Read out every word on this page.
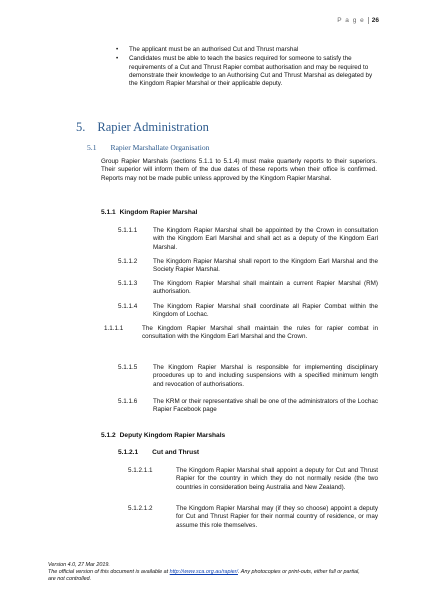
P a g e 26
• The applicant must be an authorised Cut and Thrust marshal
• Candidates must be able to teach the basics required for someone to satisfy the requirements of a Cut and Thrust Rapier combat authorisation and may be required to demonstrate their knowledge to an Authorising Cut and Thrust Marshal as delegated by the Kingdom Rapier Marshal or their applicable deputy.
5. Rapier Administration
5.1 Rapier Marshallate Organisation
Group Rapier Marshals (sections 5.1.1 to 5.1.4) must make quarterly reports to their superiors. Their superior will inform them of the due dates of these reports when their office is confirmed. Reports may not be made public unless approved by the Kingdom Rapier Marshal.
5.1.1 Kingdom Rapier Marshal
5.1.1.1 The Kingdom Rapier Marshal shall be appointed by the Crown in consultation with the Kingdom Earl Marshal and shall act as a deputy of the Kingdom Earl Marshal.
5.1.1.2 The Kingdom Rapier Marshal shall report to the Kingdom Earl Marshal and the Society Rapier Marshal.
5.1.1.3 The Kingdom Rapier Marshal shall maintain a current Rapier Marshal (RM) authorisation.
5.1.1.4 The Kingdom Rapier Marshal shall coordinate all Rapier Combat within the Kingdom of Lochac.
1.1.1.1	The Kingdom Rapier Marshal shall maintain the rules for rapier combat in consultation with the Kingdom Earl Marshal and the Crown.
5.1.1.5 The Kingdom Rapier Marshal is responsible for implementing disciplinary procedures up to and including suspensions with a specified minimum length and revocation of authorisations.
5.1.1.6 The KRM or their representative shall be one of the administrators of the Lochac Rapier Facebook page
5.1.2 Deputy Kingdom Rapier Marshals
5.1.2.1 Cut and Thrust
5.1.2.1.1	The Kingdom Rapier Marshal shall appoint a deputy for Cut and Thrust Rapier for the country in which they do not normally reside (the two countries in consideration being Australia and New Zealand).
5.1.2.1.2	The Kingdom Rapier Marshal may (if they so choose) appoint a deputy for Cut and Thrust Rapier for their normal country of residence, or may assume this role themselves.
Version 4.0, 27 Mar 2019.
The official version of this document is available at http://www.sca.org.au/rapier/. Any photocopies or print-outs, either full or partial, are not controlled.
